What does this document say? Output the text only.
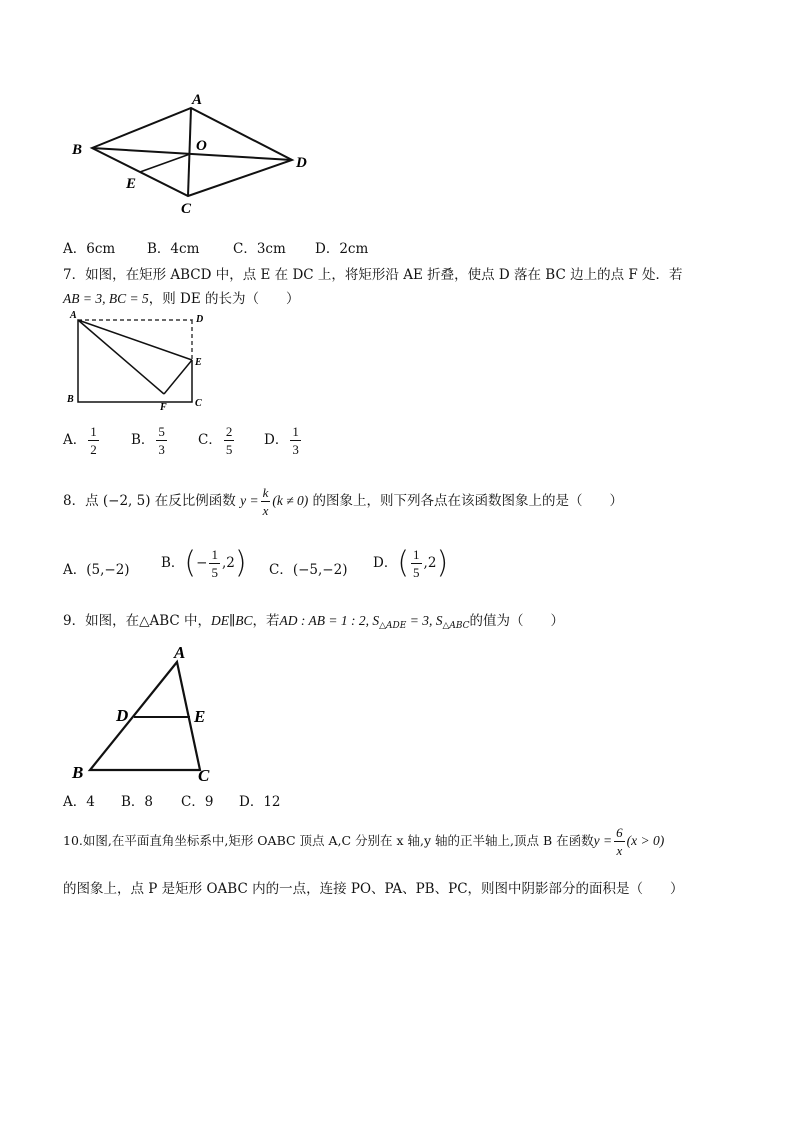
A
B	O
D
E
C
A．6cm B．4cm C．3cm D．2cm
7．如图，在矩形 ABCD 中，点 E 在 DC 上，将矩形沿 AE 折叠，使点 D 落在 BC 边上的点 F 处．若
AB = 3, BC = 5，则 DE 的长为（　　）
A	D
E
B
F	C
A． $\frac{1}{2}$ B． $\frac{5}{3}$ C． $\frac{2}{5}$ D． $\frac{1}{3}$
8．点 (−2, 5) 在反比例函数 $y = \frac{k}{x} (k \ne 0)$ 的图象上，则下列各点在该函数图象上的是（　　）
A．(5,−2) B．(− $\frac{1}{5} ,2$) C．(−5,−2) D．( $\frac{1}{5} ,2$)
9．如图，在△ABC 中，DE∥BC，若AD : AB = 1 : 2, $S_{\triangle ADE} = 3$, $S_{\triangle ABC}$的值为（　　）
A
D	E
B	C
A．4 B．8 C．9 D．12
10.如图,在平面直角坐标系中,矩形 OABC 顶点 A,C 分别在 x 轴,y 轴的正半轴上,顶点 B 在函数$y = \frac{6}{x} (x > 0)$
的图象上，点 P 是矩形 OABC 内的一点，连接 PO、PA、PB、PC，则图中阴影部分的面积是（　　）
